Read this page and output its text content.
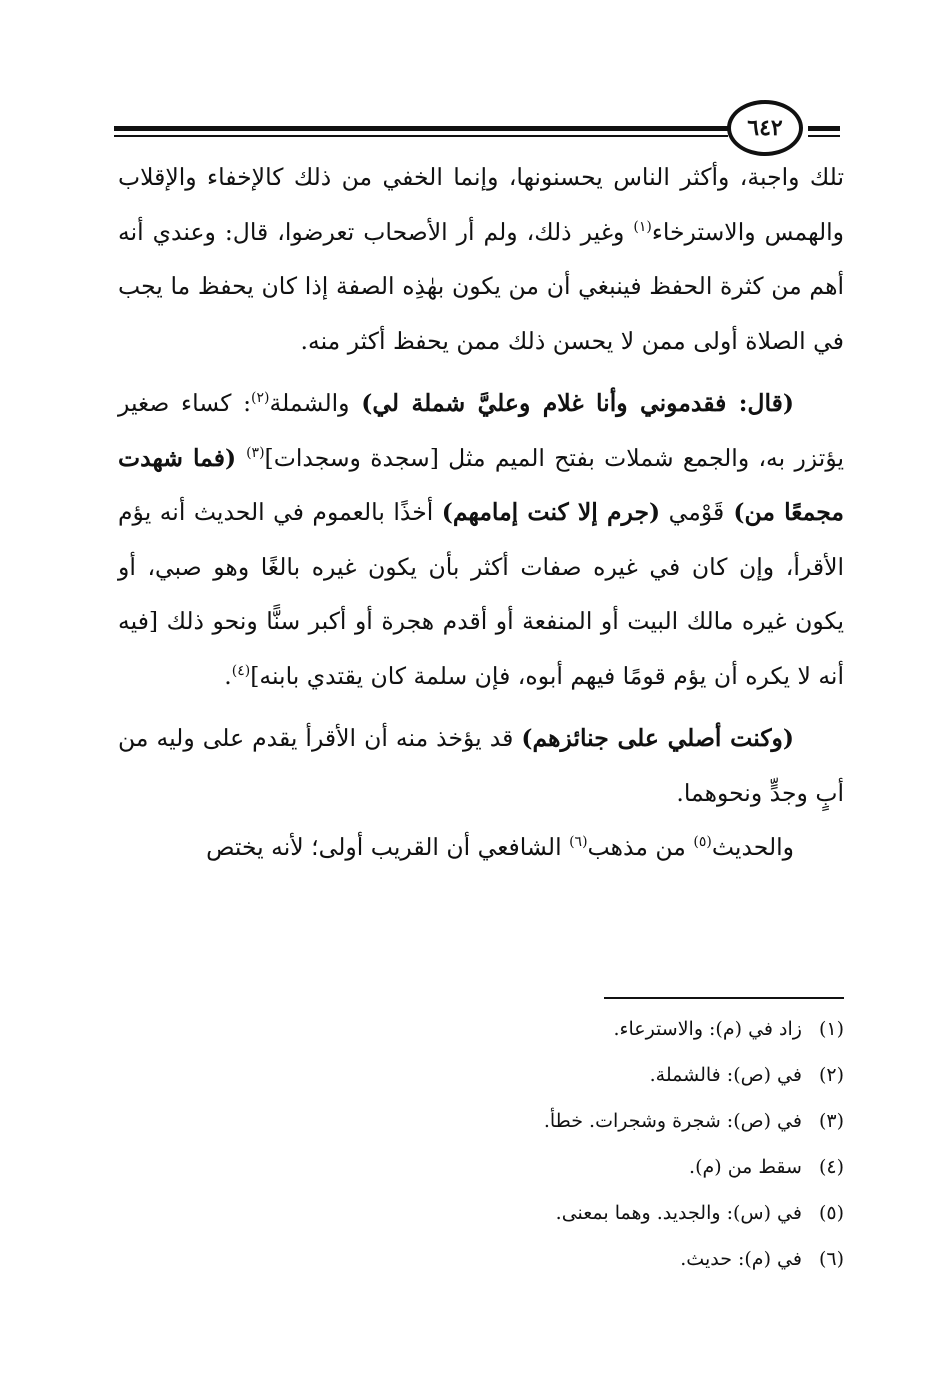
٦٤٢

تلك واجبة، وأكثر الناس يحسنونها، وإنما الخفي من ذلك كالإخفاء والإقلاب والهمس والاسترخاء$^{(١)}$ وغير ذلك، ولم أر الأصحاب تعرضوا، قال: وعندي أنه أهم من كثرة الحفظ فينبغي أن من يكون بهٰذِه الصفة إذا كان يحفظ ما يجب في الصلاة أولى ممن لا يحسن ذلك ممن يحفظ أكثر منه.

(قال: فقدموني وأنا غلام وعليَّ شملة لي) والشملة$^{(٢)}$: كساء صغير يؤتزر به، والجمع شملات بفتح الميم مثل [سجدة وسجدات]$^{(٣)}$ (فما شهدت مجمعًا من) قَوْمي (جرم إلا كنت إمامهم) أخذًا بالعموم في الحديث أنه يؤم الأقرأ، وإن كان في غيره صفات أكثر بأن يكون غيره بالغًا وهو صبي، أو يكون غيره مالك البيت أو المنفعة أو أقدم هجرة أو أكبر سنًّا ونحو ذلك [فيه أنه لا يكره أن يؤم قومًا فيهم أبوه، فإن سلمة كان يقتدي بابنه]$^{(٤)}$.

(وكنت أصلي على جنائزهم) قد يؤخذ منه أن الأقرأ يقدم على وليه من أبٍ وجدٍّ ونحوهما.

والحديث$^{(٥)}$ من مذهب$^{(٦)}$ الشافعي أن القريب أولى؛ لأنه يختص

(١) زاد في (م): والاسترعاء.

(٢) في (ص): فالشملة.

(٣) في (ص): شجرة وشجرات. خطأ.

(٤) سقط من (م).

(٥) في (س): والجديد. وهما بمعنى.

(٦) في (م): حديث.
